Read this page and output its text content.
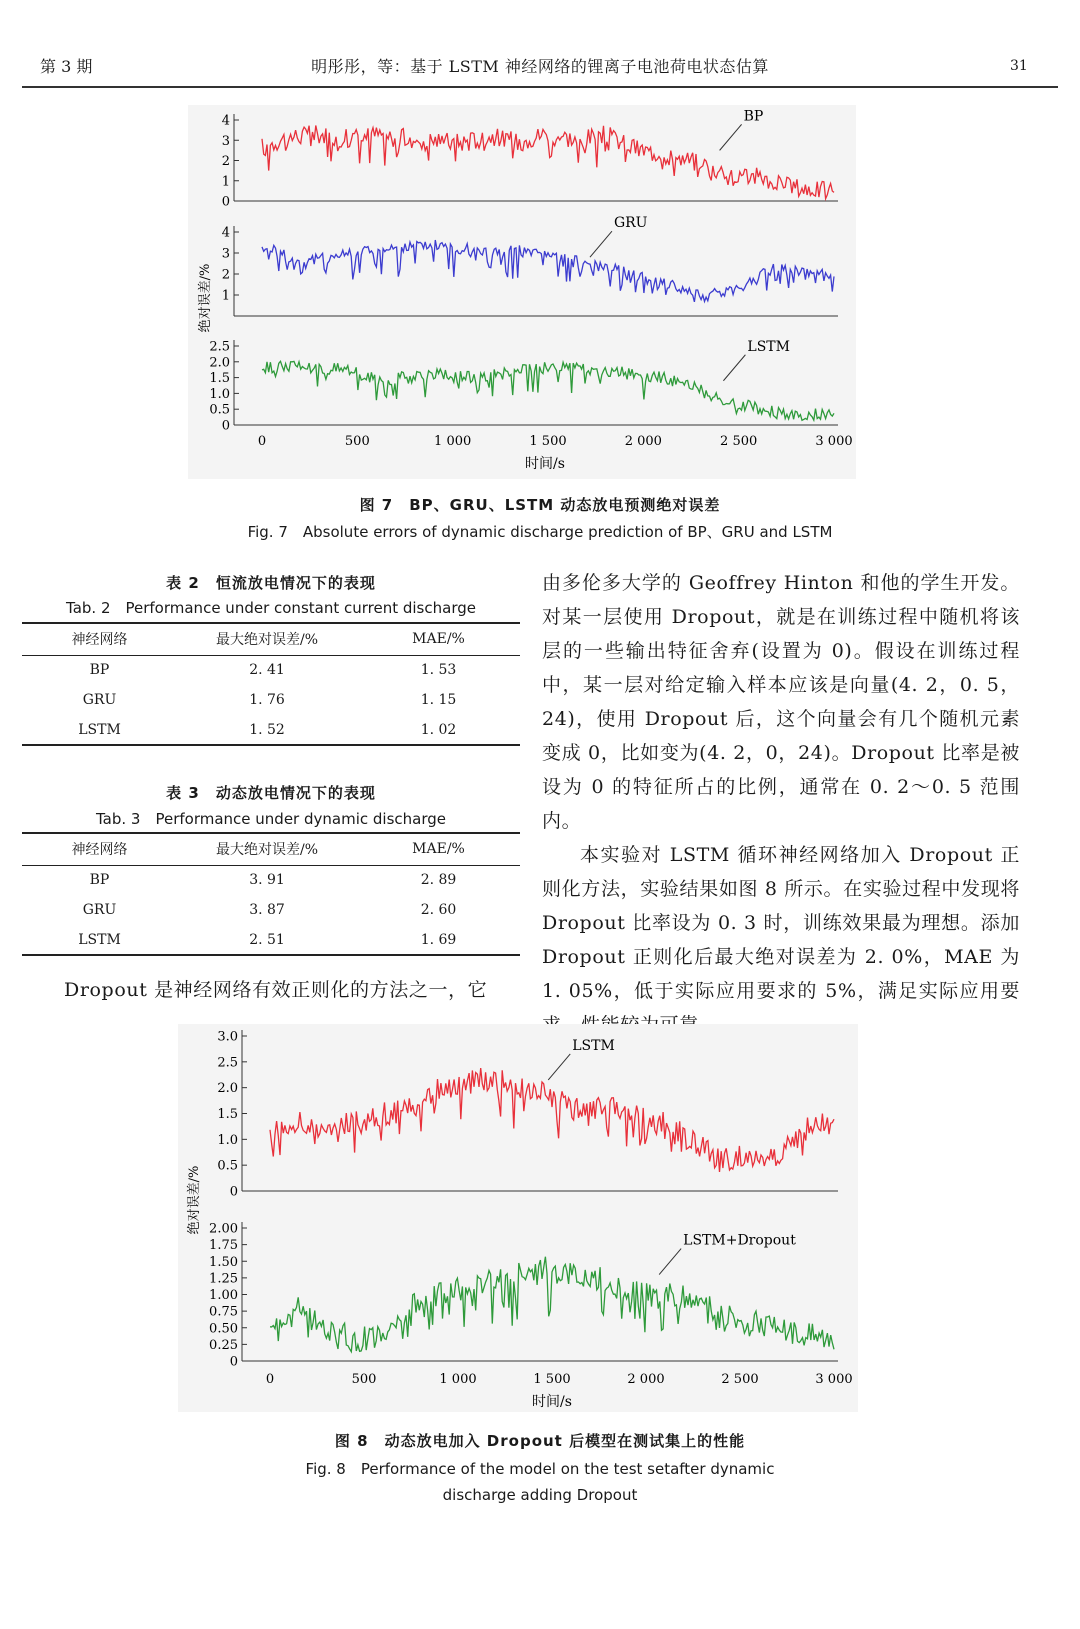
第 3 期	明彤彤，等：基于 LSTM 神经网络的锂离子电池荷电状态估算	31
绝对误差/%
0
1
2
3
4	BP
1
2
3
4
GRU
0
0.5
1.0
1.5
2.0
2.5	LSTM
0	500	1 000	1 500	2 000	2 500	3 000
时间/s
图 7　BP、GRU、LSTM 动态放电预测绝对误差
Fig. 7　Absolute errors of dynamic discharge prediction of BP、GRU and LSTM
表 2　恒流放电情况下的表现
Tab. 2　Performance under constant current discharge
神经网络	最大绝对误差/%	MAE/%
BP	2. 41	1. 53
GRU	1. 76	1. 15
LSTM	1. 52	1. 02
表 3　动态放电情况下的表现
Tab. 3　Performance under dynamic discharge
神经网络	最大绝对误差/%	MAE/%
BP	3. 91	2. 89
GRU	3. 87	2. 60
LSTM	2. 51	1. 69
Dropout 是神经网络有效正则化的方法之一，它

由多伦多大学的 Geoffrey Hinton 和他的学生开发。对某一层使用 Dropout，就是在训练过程中随机将该层的一些输出特征舍弃(设置为 0)。假设在训练过程中，某一层对给定输入样本应该是向量(4. 2，0. 5，24)，使用 Dropout 后，这个向量会有几个随机元素变成 0，比如变为(4. 2，0，24)。Dropout 比率是被设为 0 的特征所占的比例，通常在 0. 2～0. 5 范围内。

本实验对 LSTM 循环神经网络加入 Dropout 正则化方法，实验结果如图 8 所示。在实验过程中发现将 Dropout 比率设为 0. 3 时，训练效果最为理想。添加 Dropout 正则化后最大绝对误差为 2. 0%，MAE 为 1. 05%，低于实际应用要求的 5%，满足实际应用要

绝对误差/% 0
0.5
1.0
1.5
2.0
2.5
3.0
LSTM
0
0.25
0.50
0.75
1.00
1.25
1.50
1.75
2.00
LSTM+Dropout
0	500	1 000	1 500	2 000	2 500	3 000
时间/s
图 8　动态放电加入 Dropout 后模型在测试集上的性能
Fig. 8　Performance of the model on the test setafter dynamic
discharge adding Dropout
